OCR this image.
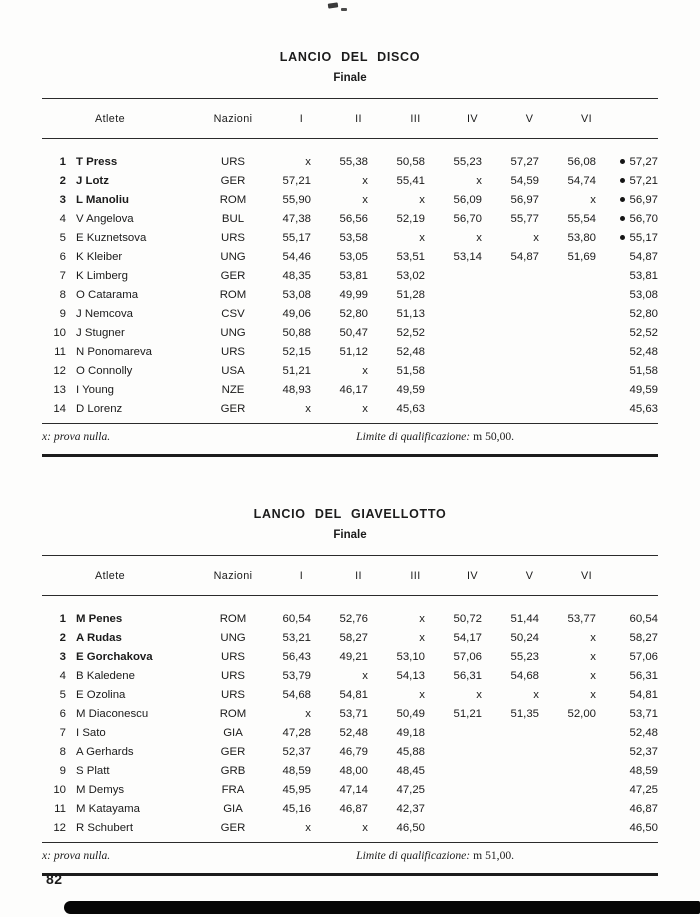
LANCIO DEL DISCO
Finale
	Atlete	Nazioni	I	II	III	IV	V	VI	
1	T Press	URS	x	55,38	50,58	55,23	57,27	56,08	57,27
2	J Lotz	GER	57,21	x	55,41	x	54,59	54,74	57,21
3	L Manoliu	ROM	55,90	x	x	56,09	56,97	x	56,97
4	V Angelova	BUL	47,38	56,56	52,19	56,70	55,77	55,54	56,70
5	E Kuznetsova	URS	55,17	53,58	x	x	x	53,80	55,17
6	K Kleiber	UNG	54,46	53,05	53,51	53,14	54,87	51,69	54,87
7	K Limberg	GER	48,35	53,81	53,02				53,81
8	O Catarama	ROM	53,08	49,99	51,28				53,08
9	J Nemcova	CSV	49,06	52,80	51,13				52,80
10	J Stugner	UNG	50,88	50,47	52,52				52,52
11	N Ponomareva	URS	52,15	51,12	52,48				52,48
12	O Connolly	USA	51,21	x	51,58				51,58
13	I Young	NZE	48,93	46,17	49,59				49,59
14	D Lorenz	GER	x	x	45,63				45,63
x: prova nulla.	Limite di qualificazione: m 50,00.
LANCIO DEL GIAVELLOTTO
Finale
	Atlete	Nazioni	I	II	III	IV	V	VI	
1	M Penes	ROM	60,54	52,76	x	50,72	51,44	53,77	60,54
2	A Rudas	UNG	53,21	58,27	x	54,17	50,24	x	58,27
3	E Gorchakova	URS	56,43	49,21	53,10	57,06	55,23	x	57,06
4	B Kaledene	URS	53,79	x	54,13	56,31	54,68	x	56,31
5	E Ozolina	URS	54,68	54,81	x	x	x	x	54,81
6	M Diaconescu	ROM	x	53,71	50,49	51,21	51,35	52,00	53,71
7	I Sato	GIA	47,28	52,48	49,18				52,48
8	A Gerhards	GER	52,37	46,79	45,88				52,37
9	S Platt	GRB	48,59	48,00	48,45				48,59
10	M Demys	FRA	45,95	47,14	47,25				47,25
11	M Katayama	GIA	45,16	46,87	42,37				46,87
12	R Schubert	GER	x	x	46,50				46,50
x: prova nulla.	Limite di qualificazione: m 51,00.
82
